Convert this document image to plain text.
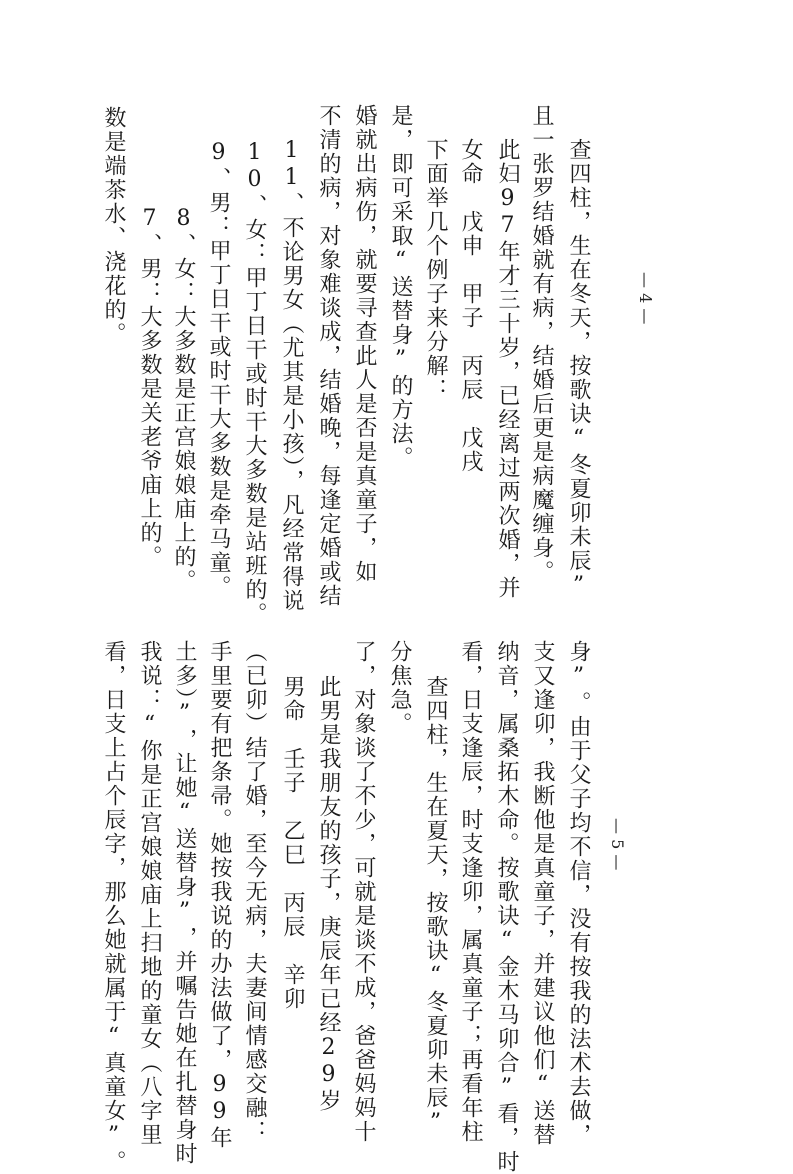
数是端茶水、浇花的。 7、男：大多数是关老爷庙上的。 8、女：大多数是正宫娘娘庙上的。 9、男：甲丁日干或时干大多数是牵马童。 10、女：甲丁日干或时干大多数是站班的。 11、不论男女（尤其是小孩），凡经常得说 不清的病，对象难谈成，结婚晚，每逢定婚或结 婚就出病伤，就要寻查此人是否是真童子，如 是，即可采取“送替身”的方法。 下面举几个例子来分解： 女命　戊申　甲子　丙辰　戊戌 此妇97年才三十岁，已经离过两次婚，并 且一张罗结婚就有病，结婚后更是病魔缠身。 查四柱，生在冬天，按歌诀“冬夏卯未辰”	— 4 —
看，日支上占个辰字，那么她就属于“真童女”。 我说：“你是正宫娘娘庙上扫地的童女（八字里 土多）”，让她“送替身”，并嘱告她在扎替身时 手里要有把条帚。她按我说的办法做了，99年 （已卯）结了婚，至今无病，夫妻间情感交融： 男命　壬子　乙巳　丙辰　辛卯 此男是我朋友的孩子，庚辰年已经29岁 了，对象谈了不少，可就是谈不成，爸爸妈妈十 分焦急。 查四柱，生在夏天，按歌诀“冬夏卯未辰” 看，日支逢辰，时支逢卯，属真童子；再看年柱 纳音，属桑拓木命。按歌诀“金木马卯合”看，时 支又逢卯，我断他是真童子，并建议他们“送替 身”。由于父子均不信，没有按我的法术去做， — 5 —
